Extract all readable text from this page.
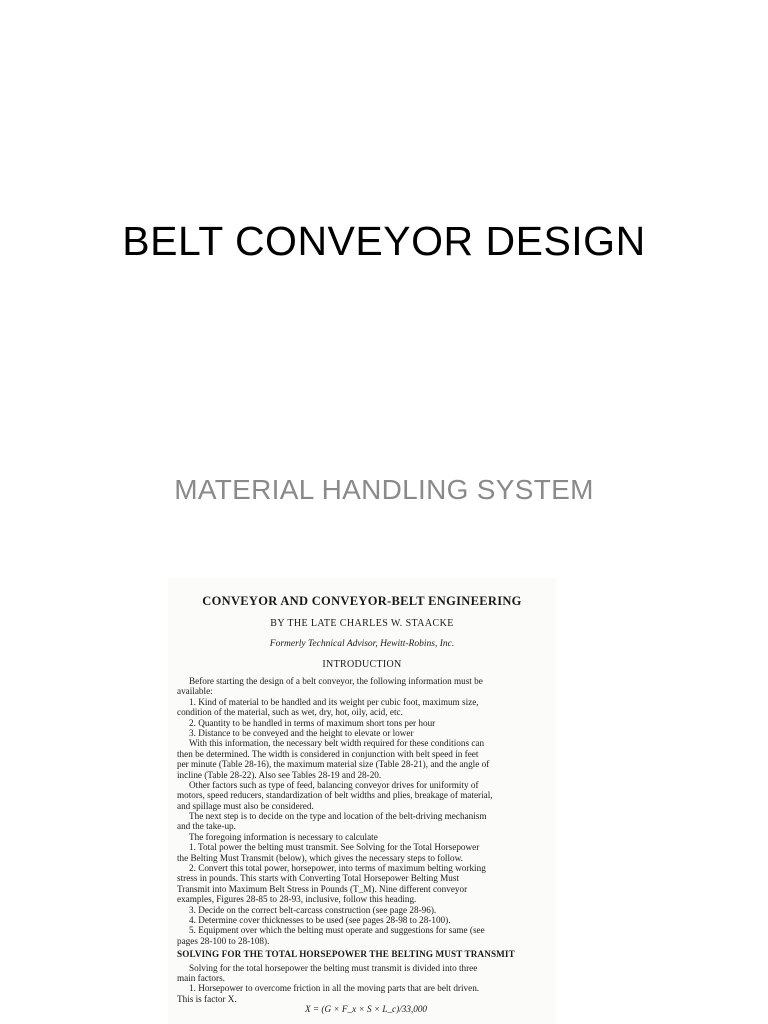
BELT CONVEYOR DESIGN
MATERIAL HANDLING SYSTEM
CONVEYOR AND CONVEYOR-BELT ENGINEERING
BY THE LATE CHARLES W. STAACKE
Formerly Technical Advisor, Hewitt-Robins, Inc.
INTRODUCTION
Before starting the design of a belt conveyor, the following information must be
available:
1. Kind of material to be handled and its weight per cubic foot, maximum size,
condition of the material, such as wet, dry, hot, oily, acid, etc.
2. Quantity to be handled in terms of maximum short tons per hour
3. Distance to be conveyed and the height to elevate or lower
With this information, the necessary belt width required for these conditions can
then be determined. The width is considered in conjunction with belt speed in feet
per minute (Table 28-16), the maximum material size (Table 28-21), and the angle of
incline (Table 28-22). Also see Tables 28-19 and 28-20.
Other factors such as type of feed, balancing conveyor drives for uniformity of
motors, speed reducers, standardization of belt widths and plies, breakage of material,
and spillage must also be considered.
The next step is to decide on the type and location of the belt-driving mechanism
and the take-up.
The foregoing information is necessary to calculate
1. Total power the belting must transmit. See Solving for the Total Horsepower
the Belting Must Transmit (below), which gives the necessary steps to follow.
2. Convert this total power, horsepower, into terms of maximum belting working
stress in pounds. This starts with Converting Total Horsepower Belting Must
Transmit into Maximum Belt Stress in Pounds (T_M). Nine different conveyor
examples, Figures 28-85 to 28-93, inclusive, follow this heading.
3. Decide on the correct belt-carcass construction (see page 28-96).
4. Determine cover thicknesses to be used (see pages 28-98 to 28-100).
5. Equipment over which the belting must operate and suggestions for same (see
pages 28-100 to 28-108).
SOLVING FOR THE TOTAL HORSEPOWER THE BELTING MUST TRANSMIT
Solving for the total horsepower the belting must transmit is divided into three
main factors.
1. Horsepower to overcome friction in all the moving parts that are belt driven.
This is factor X.
X = (G × F_x × S × L_c)/33,000
